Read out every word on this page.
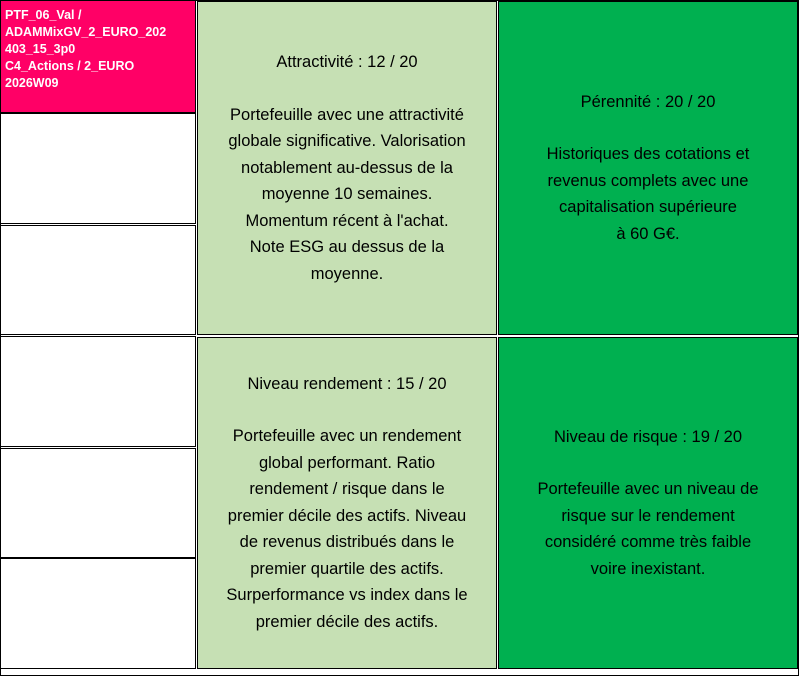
PTF_06_Val /
ADAMMixGV_2_EURO_202
403_15_3p0
C4_Actions / 2_EURO
2026W09
Attractivité : 12 / 20
Portefeuille avec une attractivité
globale significative. Valorisation
notablement au-dessus de la
moyenne 10 semaines.
Momentum récent à l'achat.
Note ESG au dessus de la
moyenne.
Pérennité : 20 / 20
Historiques des cotations et
revenus complets avec une
capitalisation supérieure
à 60 G€.
Niveau rendement : 15 / 20
Portefeuille avec un rendement
global performant. Ratio
rendement / risque dans le
premier décile des actifs. Niveau
de revenus distribués dans le
premier quartile des actifs.
Surperformance vs index dans le
premier décile des actifs.
Niveau de risque : 19 / 20
Portefeuille avec un niveau de
risque sur le rendement
considéré comme très faible
voire inexistant.
